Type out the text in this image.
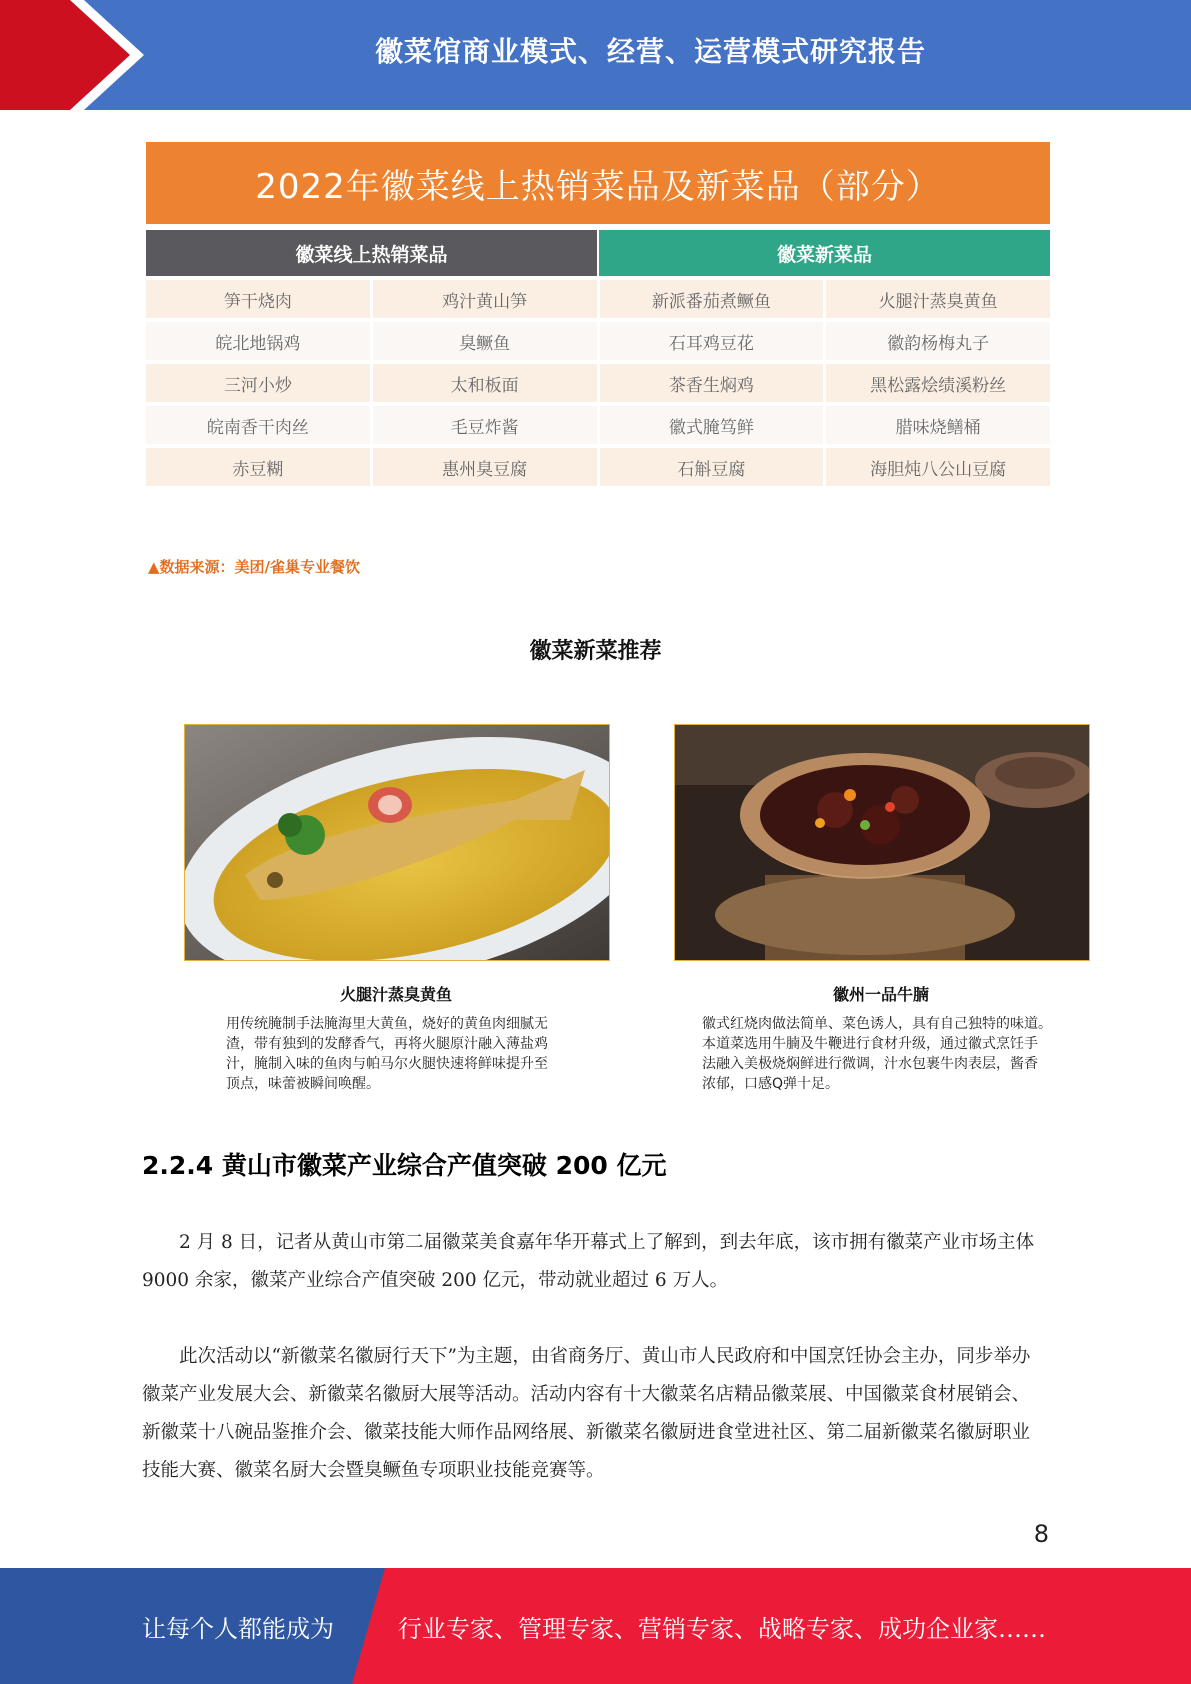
徽菜馆商业模式、经营、运营模式研究报告
2022年徽菜线上热销菜品及新菜品（部分）
徽菜线上热销菜品	徽菜新菜品
笋干烧肉	鸡汁黄山笋	新派番茄煮鳜鱼	火腿汁蒸臭黄鱼
皖北地锅鸡	臭鳜鱼	石耳鸡豆花	徽韵杨梅丸子
三河小炒	太和板面	茶香生焖鸡	黑松露烩绩溪粉丝
皖南香干肉丝	毛豆炸酱	徽式腌笃鲜	腊味烧鳝桶
赤豆糊	惠州臭豆腐	石斛豆腐	海胆炖八公山豆腐
▲数据来源：美团/雀巢专业餐饮
徽菜新菜推荐
火腿汁蒸臭黄鱼
用传统腌制手法腌海里大黄鱼，烧好的黄鱼肉细腻无
渣，带有独到的发酵香气，再将火腿原汁融入薄盐鸡
汁，腌制入味的鱼肉与帕马尔火腿快速将鲜味提升至
顶点，味蕾被瞬间唤醒。
徽州一品牛腩
徽式红烧肉做法简单、菜色诱人，具有自己独特的味道。
本道菜选用牛腩及牛鞭进行食材升级，通过徽式烹饪手
法融入美极烧焖鲜进行微调，汁水包裹牛肉表层，酱香
浓郁，口感Q弹十足。
2.2.4 黄山市徽菜产业综合产值突破 200 亿元
2 月 8 日，记者从黄山市第二届徽菜美食嘉年华开幕式上了解到，到去年底，该市拥有徽菜产业市场主体 9000 余家，徽菜产业综合产值突破 200 亿元，带动就业超过 6 万人。
此次活动以“新徽菜名徽厨行天下”为主题，由省商务厅、黄山市人民政府和中国烹饪协会主办，同步举办徽菜产业发展大会、新徽菜名徽厨大展等活动。活动内容有十大徽菜名店精品徽菜展、中国徽菜食材展销会、新徽菜十八碗品鉴推介会、徽菜技能大师作品网络展、新徽菜名徽厨进食堂进社区、第二届新徽菜名徽厨职业技能大赛、徽菜名厨大会暨臭鳜鱼专项职业技能竞赛等。
8
让每个人都能成为	行业专家、管理专家、营销专家、战略专家、成功企业家……
